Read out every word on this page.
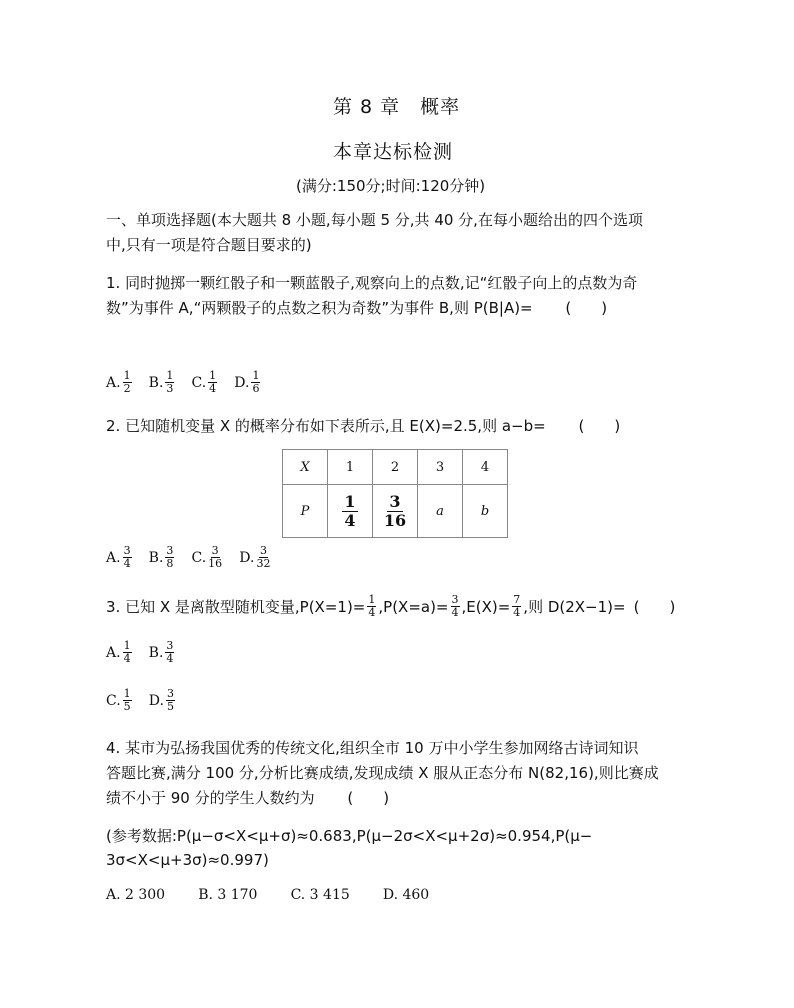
第 8 章　概率
本章达标检测
(满分:150分;时间:120分钟)
一、单项选择题(本大题共 8 小题,每小题 5 分,共 40 分,在每小题给出的四个选项
中,只有一项是符合题目要求的)
1. 同时抛掷一颗红骰子和一颗蓝骰子,观察向上的点数,记“红骰子向上的点数为奇
数”为事件 A,“两颗骰子的点数之积为奇数”为事件 B,则 P(B|A)= (　　)
A. $\frac{1}{2}$
B. $\frac{1}{3}$
C. $\frac{1}{4}$
D. $\frac{1}{6}$
2. 已知随机变量 X 的概率分布如下表所示,且 E(X)=2.5,则 a−b= (　　)
X	1	2	3	4
P	$\frac{1}{4}$	$\frac{3}{16}$	a	b
A. $\frac{3}{4}$
B. $\frac{3}{8}$
C. $\frac{3}{16}$
D. $\frac{3}{32}$
3. 已知 X 是离散型随机变量$,P(X=1)= \frac{1}{4} ,P(X=a)= \frac{3}{4} ,E(X)= \frac{7}{4}$ ,则 D(2X−1)= (　　)
A. $\frac{1}{4}$
B. $\frac{3}{4}$
C. $\frac{1}{5}$
D. $\frac{3}{5}$
4. 某市为弘扬我国优秀的传统文化,组织全市 10 万中小学生参加网络古诗词知识
答题比赛,满分 100 分,分析比赛成绩,发现成绩 X 服从正态分布 N(82,16),则比赛成
绩不小于 90 分的学生人数约为 (　　)
(参考数据:P(μ−σ<X<μ+σ)≈0.683,P(μ−2σ<X<μ+2σ)≈0.954,P(μ−
3σ<X<μ+3σ)≈0.997)
A. 2 300 B. 3 170 C. 3 415 D. 460
